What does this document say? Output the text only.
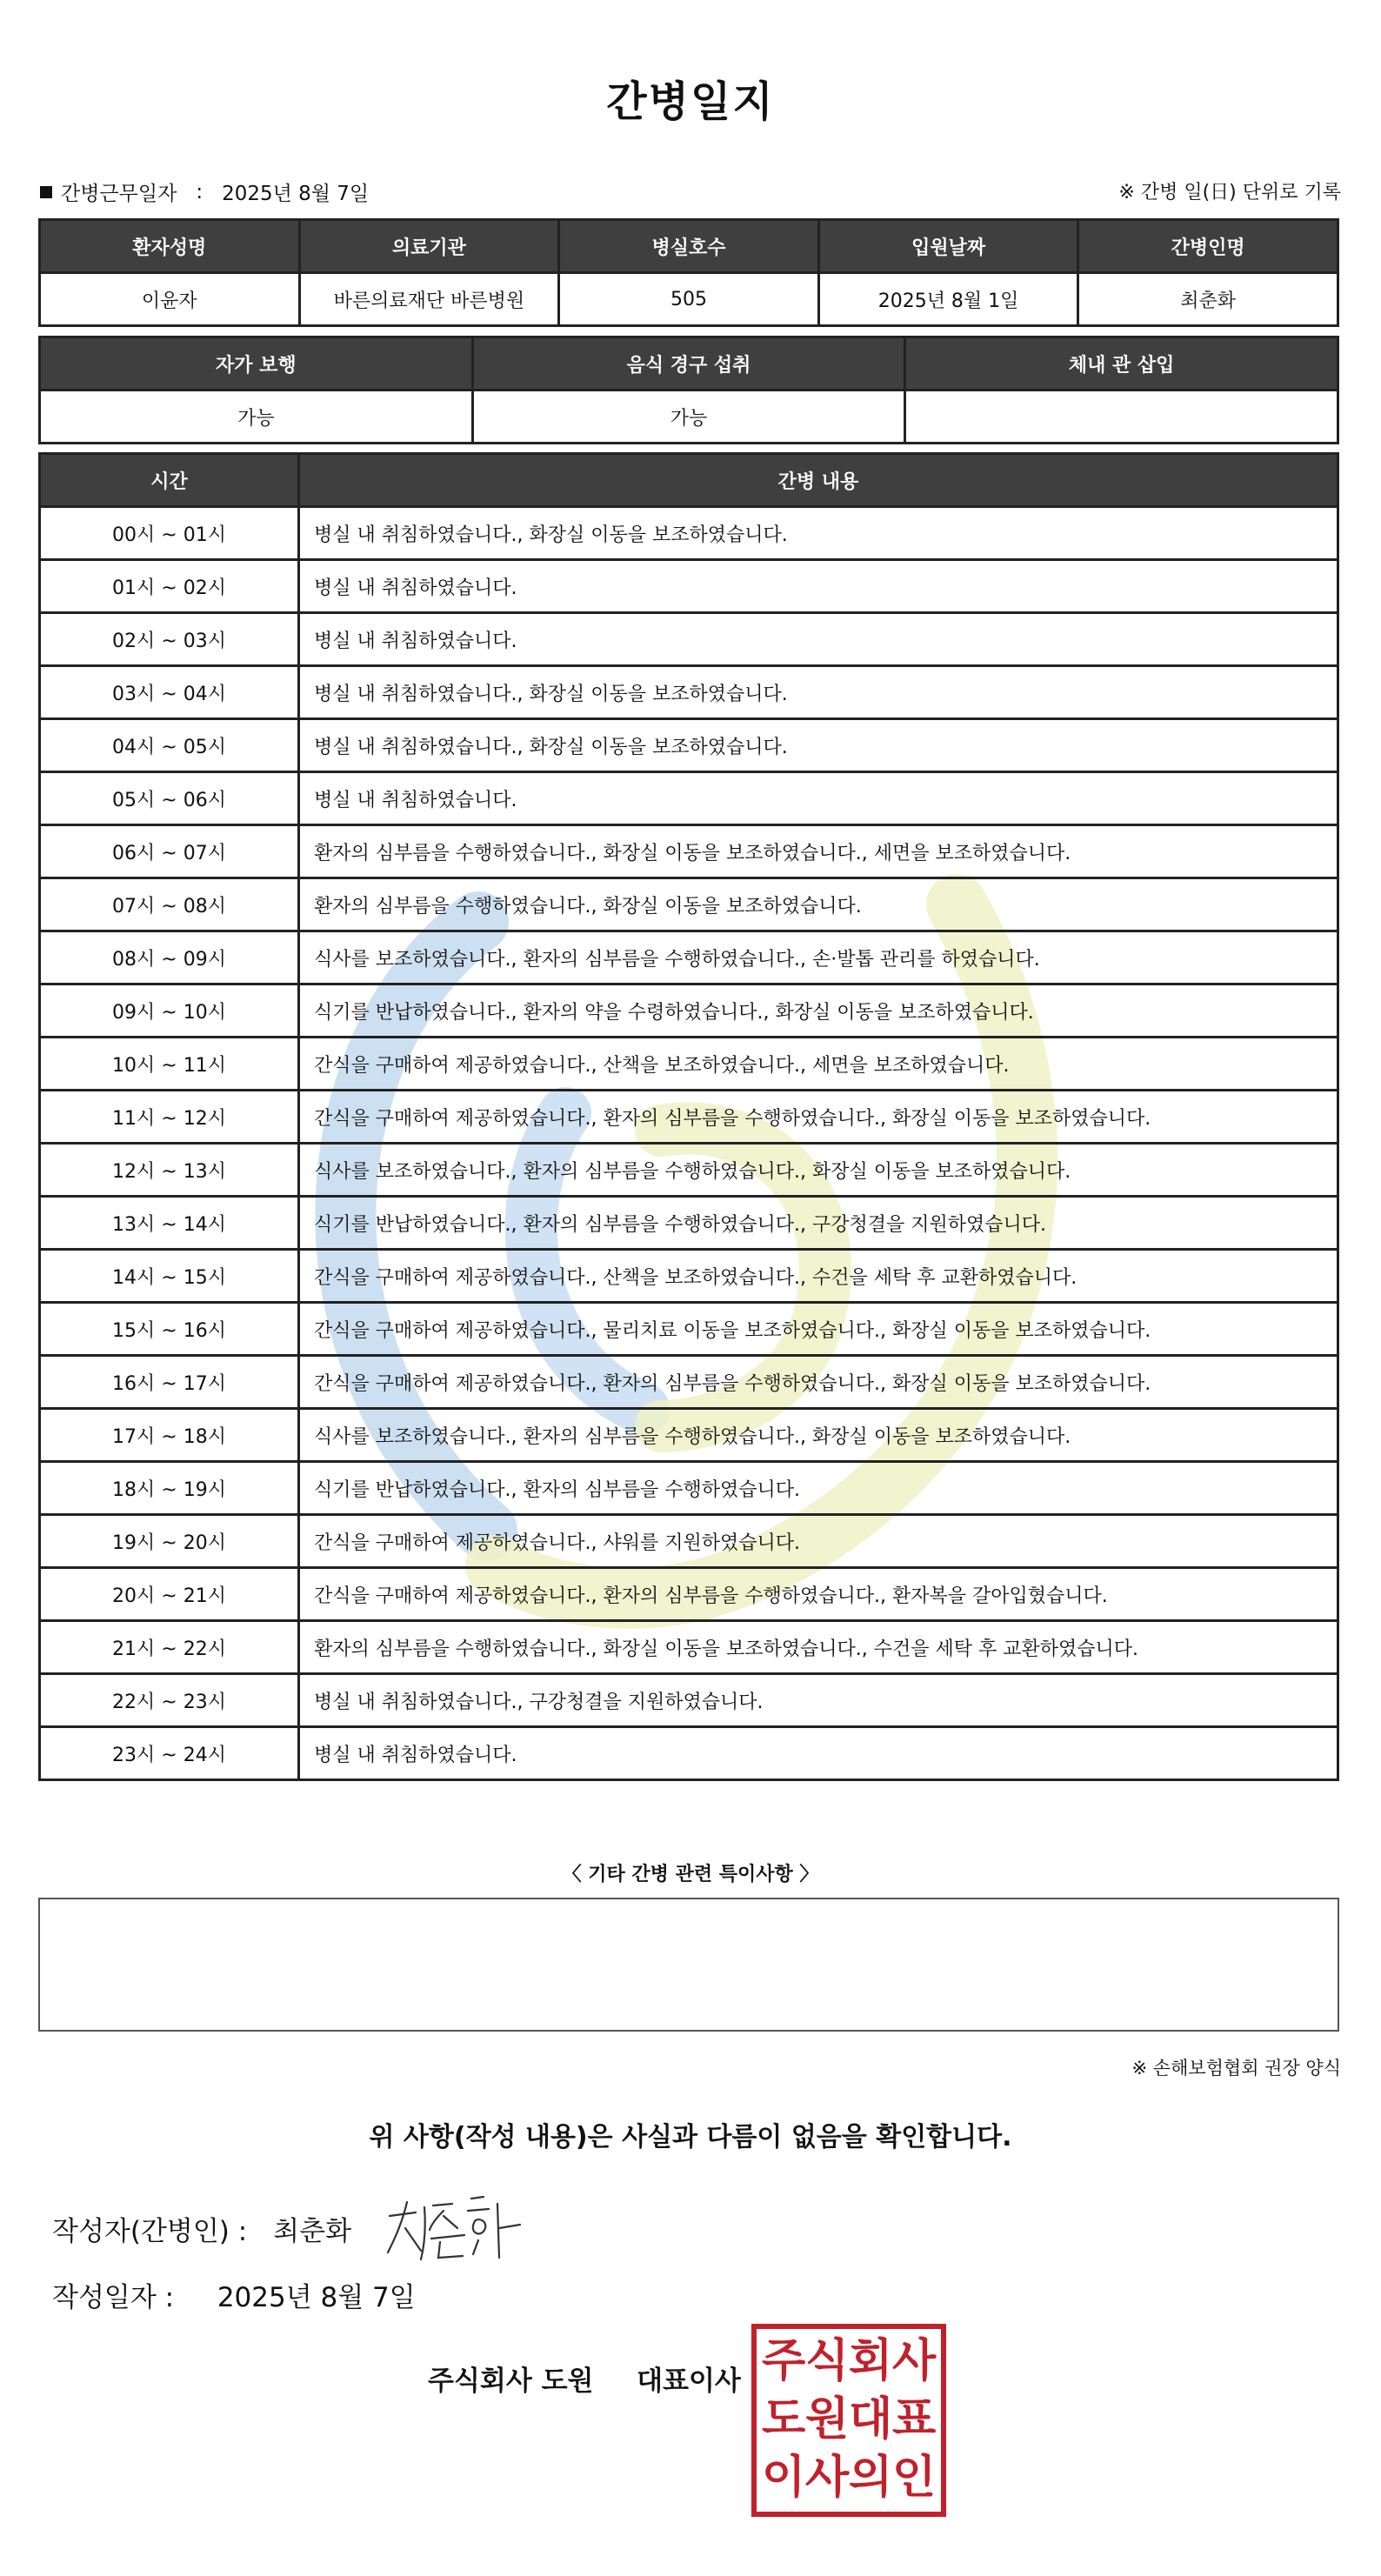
간병일지
간병근무일자 : 2025년 8월 7일	※ 간병 일(日) 단위로 기록
환자성명	의료기관	병실호수	입원날짜	간병인명
이윤자	바른의료재단 바른병원	505	2025년 8월 1일	최춘화
자가 보행	음식 경구 섭취	체내 관 삽입
가능	가능	
시간	간병 내용
00시 ~ 01시	병실 내 취침하였습니다., 화장실 이동을 보조하였습니다.
01시 ~ 02시	병실 내 취침하였습니다.
02시 ~ 03시	병실 내 취침하였습니다.
03시 ~ 04시	병실 내 취침하였습니다., 화장실 이동을 보조하였습니다.
04시 ~ 05시	병실 내 취침하였습니다., 화장실 이동을 보조하였습니다.
05시 ~ 06시	병실 내 취침하였습니다.
06시 ~ 07시	환자의 심부름을 수행하였습니다., 화장실 이동을 보조하였습니다., 세면을 보조하였습니다.
07시 ~ 08시	환자의 심부름을 수행하였습니다., 화장실 이동을 보조하였습니다.
08시 ~ 09시	식사를 보조하였습니다., 환자의 심부름을 수행하였습니다., 손·발톱 관리를 하였습니다.
09시 ~ 10시	식기를 반납하였습니다., 환자의 약을 수령하였습니다., 화장실 이동을 보조하였습니다.
10시 ~ 11시	간식을 구매하여 제공하였습니다., 산책을 보조하였습니다., 세면을 보조하였습니다.
11시 ~ 12시	간식을 구매하여 제공하였습니다., 환자의 심부름을 수행하였습니다., 화장실 이동을 보조하였습니다.
12시 ~ 13시	식사를 보조하였습니다., 환자의 심부름을 수행하였습니다., 화장실 이동을 보조하였습니다.
13시 ~ 14시	식기를 반납하였습니다., 환자의 심부름을 수행하였습니다., 구강청결을 지원하였습니다.
14시 ~ 15시	간식을 구매하여 제공하였습니다., 산책을 보조하였습니다., 수건을 세탁 후 교환하였습니다.
15시 ~ 16시	간식을 구매하여 제공하였습니다., 물리치료 이동을 보조하였습니다., 화장실 이동을 보조하였습니다.
16시 ~ 17시	간식을 구매하여 제공하였습니다., 환자의 심부름을 수행하였습니다., 화장실 이동을 보조하였습니다.
17시 ~ 18시	식사를 보조하였습니다., 환자의 심부름을 수행하였습니다., 화장실 이동을 보조하였습니다.
18시 ~ 19시	식기를 반납하였습니다., 환자의 심부름을 수행하였습니다.
19시 ~ 20시	간식을 구매하여 제공하였습니다., 샤워를 지원하였습니다.
20시 ~ 21시	간식을 구매하여 제공하였습니다., 환자의 심부름을 수행하였습니다., 환자복을 갈아입혔습니다.
21시 ~ 22시	환자의 심부름을 수행하였습니다., 화장실 이동을 보조하였습니다., 수건을 세탁 후 교환하였습니다.
22시 ~ 23시	병실 내 취침하였습니다., 구강청결을 지원하였습니다.
23시 ~ 24시	병실 내 취침하였습니다.
〈 기타 간병 관련 특이사항 〉
※ 손해보험협회 권장 양식
위 사항(작성 내용)은 사실과 다름이 없음을 확인합니다.
작성자(간병인) : 최춘화
작성일자 : 2025년 8월 7일
주식회사 도원 대표이사 주 식 회 사
도 원 대 표
이 사 의 인
